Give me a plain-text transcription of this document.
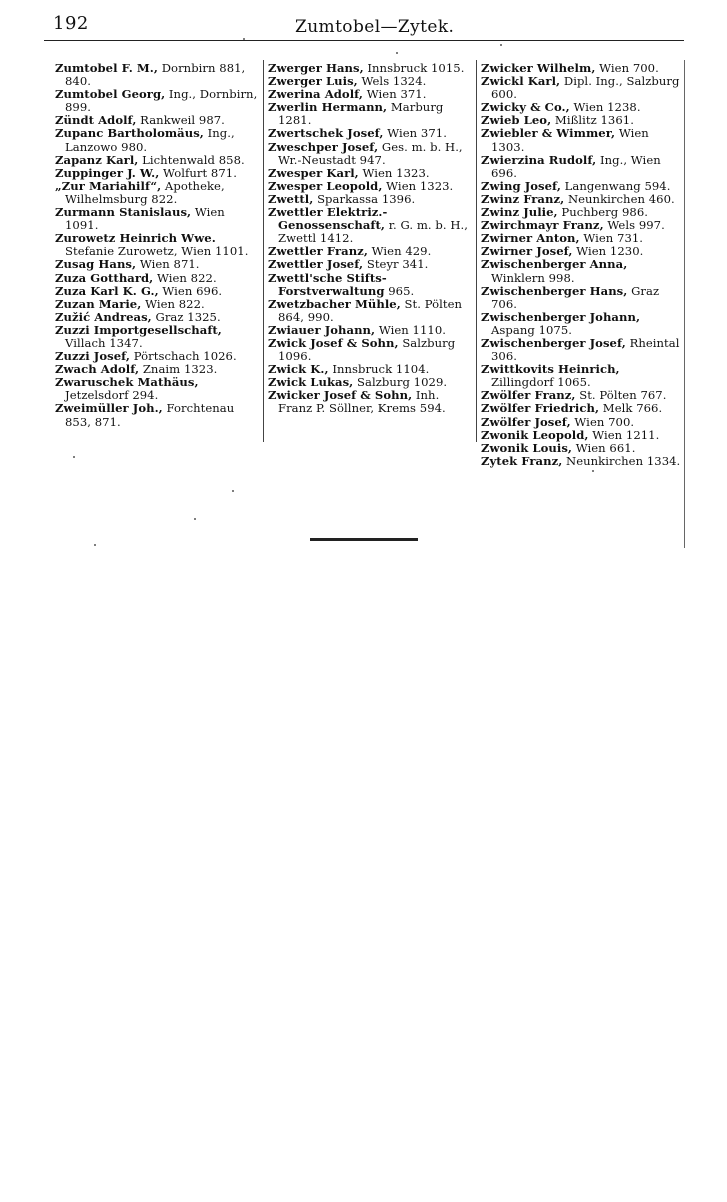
192	Zumtobel—Zytek.
Zumtobel F. M., Dornbirn 881, 840.
Zumtobel Georg, Ing., Dornbirn, 899.
Zündt Adolf, Rankweil 987.
Zupanc Bartholomäus, Ing., Lanzowo 980.
Zapanz Karl, Lichtenwald 858.
Zuppinger J. W., Wolfurt 871.
„Zur Mariahilf“, Apotheke, Wilhelmsburg 822.
Zurmann Stanislaus, Wien 1091.
Zurowetz Heinrich Wwe. Stefanie Zurowetz, Wien 1101.
Zusag Hans, Wien 871.
Zuza Gotthard, Wien 822.
Zuza Karl K. G., Wien 696.
Zuzan Marie, Wien 822.
Zužić Andreas, Graz 1325.
Zuzzi Importgesellschaft, Villach 1347.
Zuzzi Josef, Pörtschach 1026.
Zwach Adolf, Znaim 1323.
Zwaruschek Mathäus, Jetzelsdorf 294.
Zweimüller Joh., Forchtenau 853, 871.
Zwerger Hans, Innsbruck 1015.
Zwerger Luis, Wels 1324.
Zwerina Adolf, Wien 371.
Zwerlin Hermann, Marburg 1281.
Zwertschek Josef, Wien 371.
Zweschper Josef, Ges. m. b. H., Wr.-Neustadt 947.
Zwesper Karl, Wien 1323.
Zwesper Leopold, Wien 1323.
Zwettl, Sparkassa 1396.
Zwettler Elektriz.-Genossenschaft, r. G. m. b. H., Zwettl 1412.
Zwettler Franz, Wien 429.
Zwettler Josef, Steyr 341.
Zwettl'sche Stifts-Forstverwaltung 965.
Zwetzbacher Mühle, St. Pölten 864, 990.
Zwiauer Johann, Wien 1110.
Zwick Josef & Sohn, Salzburg 1096.
Zwick K., Innsbruck 1104.
Zwick Lukas, Salzburg 1029.
Zwicker Josef & Sohn, Inh. Franz P. Söllner, Krems 594.
Zwicker Wilhelm, Wien 700.
Zwickl Karl, Dipl. Ing., Salzburg 600.
Zwicky & Co., Wien 1238.
Zwieb Leo, Mißlitz 1361.
Zwiebler & Wimmer, Wien 1303.
Zwierzina Rudolf, Ing., Wien 696.
Zwing Josef, Langenwang 594.
Zwinz Franz, Neunkirchen 460.
Zwinz Julie, Puchberg 986.
Zwirchmayr Franz, Wels 997.
Zwirner Anton, Wien 731.
Zwirner Josef, Wien 1230.
Zwischenberger Anna, Winklern 998.
Zwischenberger Hans, Graz 706.
Zwischenberger Johann, Aspang 1075.
Zwischenberger Josef, Rheintal 306.
Zwittkovits Heinrich, Zillingdorf 1065.
Zwölfer Franz, St. Pölten 767.
Zwölfer Friedrich, Melk 766.
Zwölfer Josef, Wien 700.
Zwonik Leopold, Wien 1211.
Zwonik Louis, Wien 661.
Zytek Franz, Neunkirchen 1334.
